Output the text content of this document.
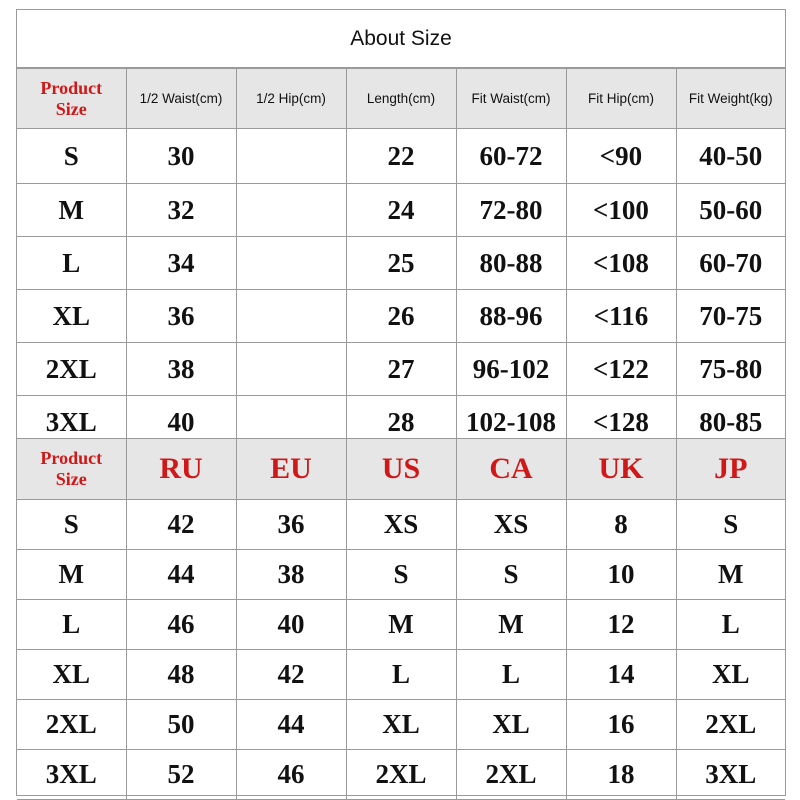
About Size
Product
Size	1/2 Waist(cm)	1/2 Hip(cm)	Length(cm)	Fit Waist(cm)	Fit Hip(cm)	Fit Weight(kg)
S	30		22	60-72	<90	40-50
M	32		24	72-80	<100	50-60
L	34		25	80-88	<108	60-70
XL	36		26	88-96	<116	70-75
2XL	38		27	96-102	<122	75-80
3XL	40		28	102-108	<128	80-85
Product
Size	RU	EU	US	CA	UK	JP
S	42	36	XS	XS	8	S
M	44	38	S	S	10	M
L	46	40	M	M	12	L
XL	48	42	L	L	14	XL
2XL	50	44	XL	XL	16	2XL
3XL	52	46	2XL	2XL	18	3XL
